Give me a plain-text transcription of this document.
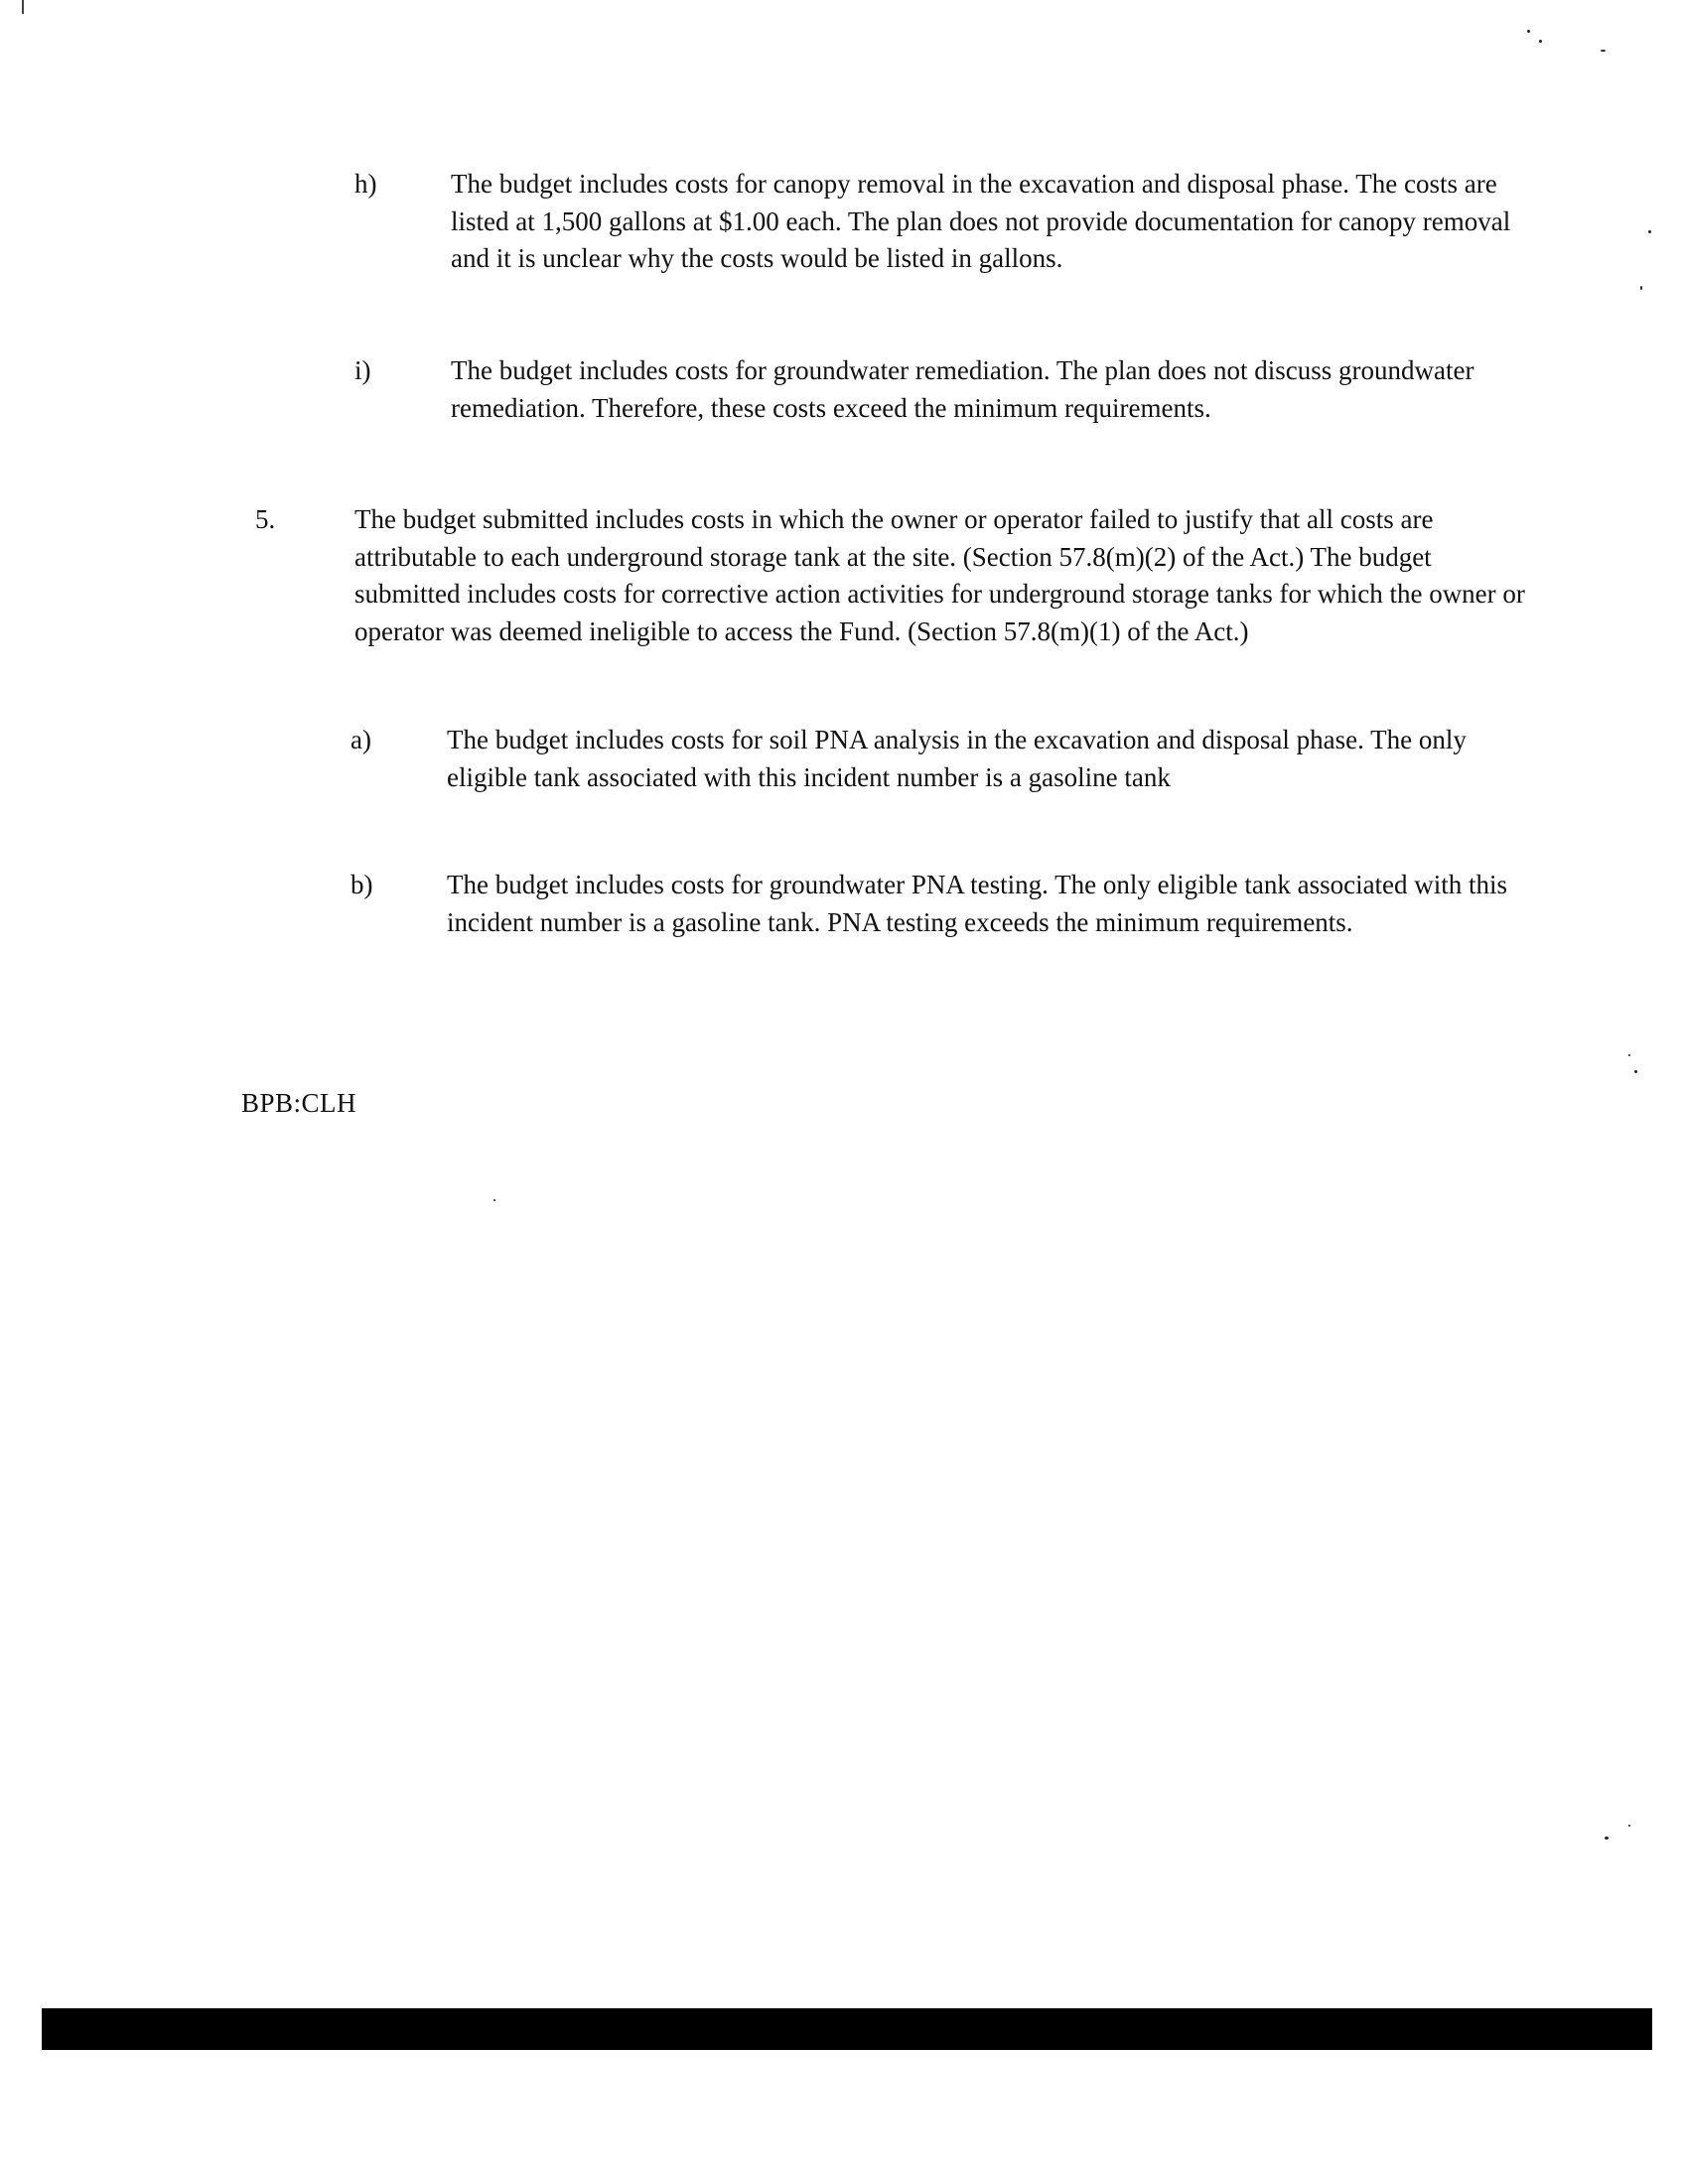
h)	The budget includes costs for canopy removal in the excavation and disposal phase. The costs are listed at 1,500 gallons at $1.00 each. The plan does not provide documentation for canopy removal and it is unclear why the costs would be listed in gallons.
i)	The budget includes costs for groundwater remediation. The plan does not discuss groundwater remediation. Therefore, these costs exceed the minimum requirements.
5.	The budget submitted includes costs in which the owner or operator failed to justify that all costs are attributable to each underground storage tank at the site. (Section 57.8(m)(2) of the Act.) The budget submitted includes costs for corrective action activities for underground storage tanks for which the owner or operator was deemed ineligible to access the Fund. (Section 57.8(m)(1) of the Act.)
a)	The budget includes costs for soil PNA analysis in the excavation and disposal phase. The only eligible tank associated with this incident number is a gasoline tank
b)	The budget includes costs for groundwater PNA testing. The only eligible tank associated with this incident number is a gasoline tank. PNA testing exceeds the minimum requirements.
BPB:CLH
